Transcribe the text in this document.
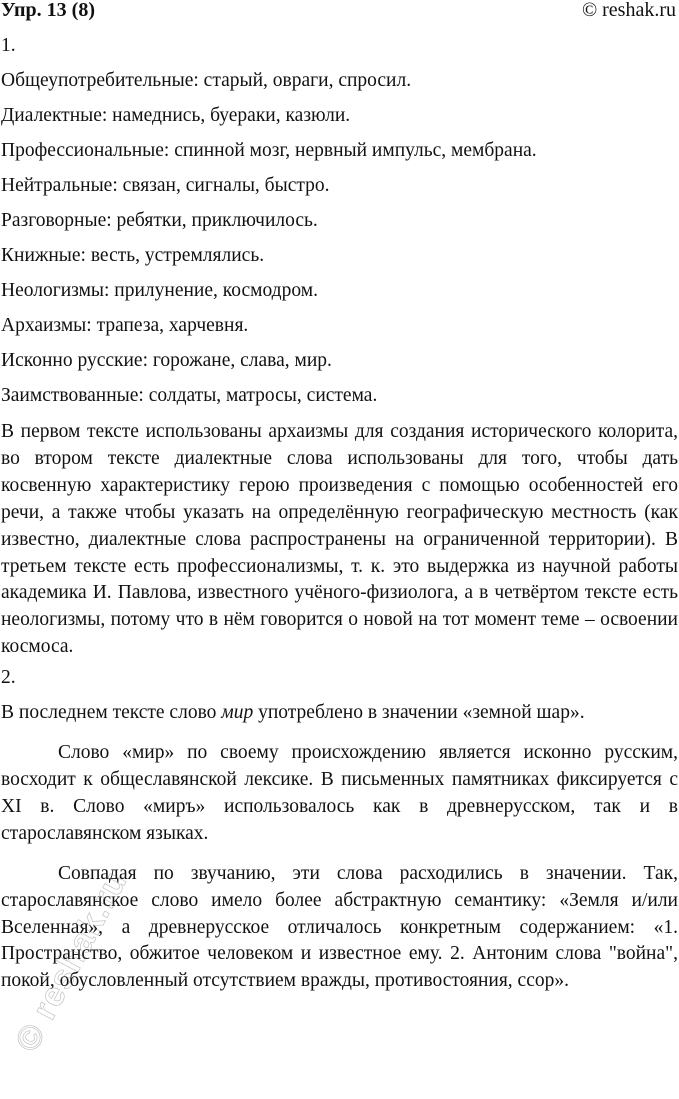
Упр. 13 (8)	© reshak.ru
1.
Общеупотребительные: старый, овраги, спросил.
Диалектные: намеднись, буераки, казюли.
Профессиональные: спинной мозг, нервный импульс, мембрана.
Нейтральные: связан, сигналы, быстро.
Разговорные: ребятки, приключилось.
Книжные: весть, устремлялись.
Неологизмы: прилунение, космодром.
Архаизмы: трапеза, харчевня.
Исконно русские: горожане, слава, мир.
Заимствованные: солдаты, матросы, система.

В первом тексте использованы архаизмы для создания исторического колорита, во втором тексте диалектные слова использованы для того, чтобы дать косвенную характеристику герою произведения с помощью особенностей его речи, а также чтобы указать на определённую географическую местность (как известно, диалектные слова распространены на ограниченной территории). В третьем тексте есть профессионализмы, т. к. это выдержка из научной работы академика И. Павлова, известного учёного-физиолога, а в четвёртом тексте есть неологизмы, потому что в нём говорится о новой на тот момент теме – освоении космоса.

2.

В последнем тексте слово мир употреблено в значении «земной шар».

Слово «мир» по своему происхождению является исконно русским, восходит к общеславянской лексике. В письменных памятниках фиксируется с XI в. Слово «миръ» использовалось как в древнерусском, так и в старославянском языках.

Совпадая по звучанию, эти слова расходились в значении. Так, старославянское слово имело более абстрактную семантику: «Земля и/или Вселенная», а древнерусское отличалось конкретным содержанием: «1. Пространство, обжитое человеком и известное ему. 2. Антоним слова "война", покой, обусловленный отсутствием вражды, противостояния, ссор».

© reshak.ru
